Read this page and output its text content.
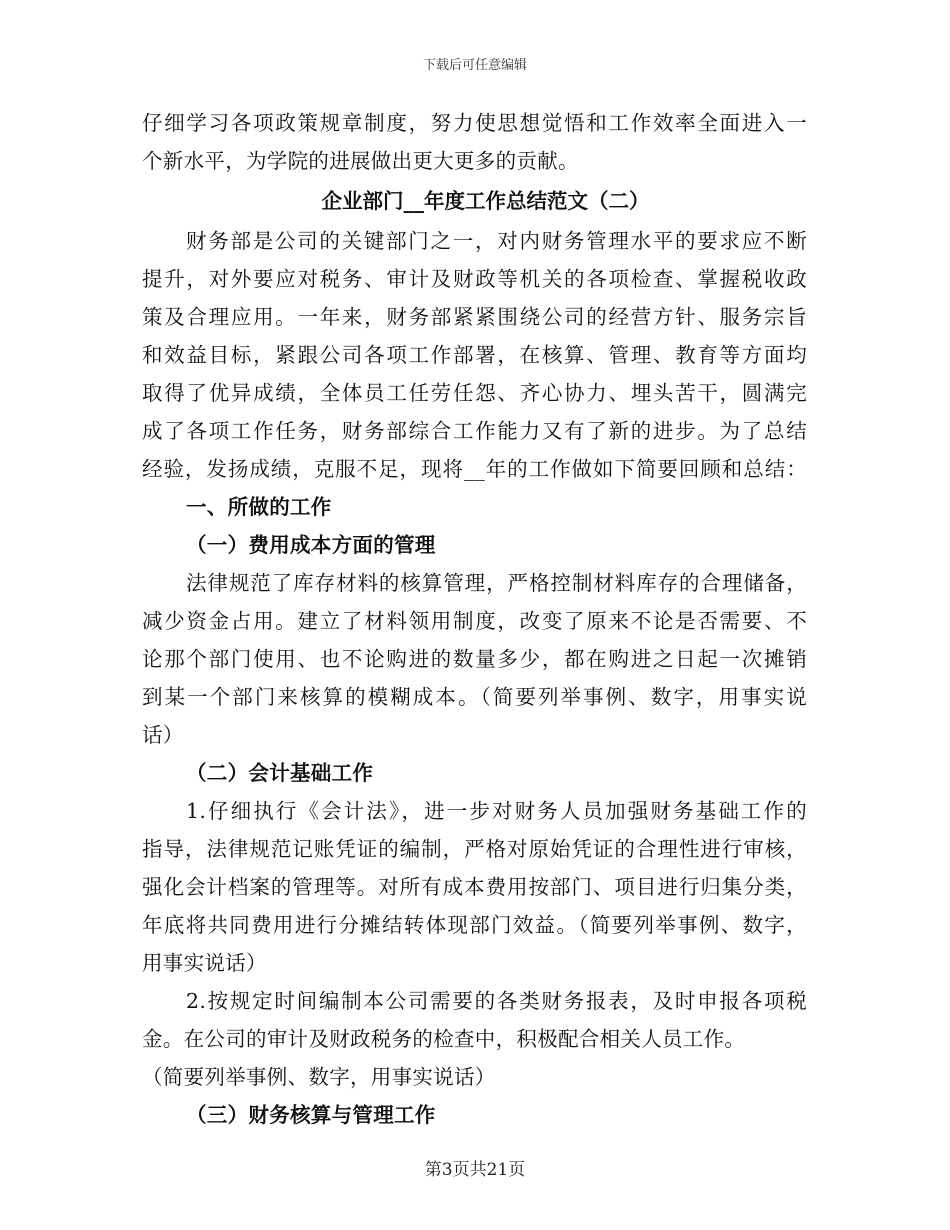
下载后可任意编辑
仔细学习各项政策规章制度，努力使思想觉悟和工作效率全面进入一
个新水平，为学院的进展做出更大更多的贡献。
企业部门__年度工作总结范文（二）
财务部是公司的关键部门之一，对内财务管理水平的要求应不断
提升，对外要应对税务、审计及财政等机关的各项检查、掌握税收政
策及合理应用。一年来，财务部紧紧围绕公司的经营方针、服务宗旨
和效益目标，紧跟公司各项工作部署，在核算、管理、教育等方面均
取得了优异成绩，全体员工任劳任怨、齐心协力、埋头苦干，圆满完
成了各项工作任务，财务部综合工作能力又有了新的进步。为了总结
经验，发扬成绩，克服不足，现将__年的工作做如下简要回顾和总结：
一、所做的工作
（一）费用成本方面的管理
法律规范了库存材料的核算管理，严格控制材料库存的合理储备，
减少资金占用。建立了材料领用制度，改变了原来不论是否需要、不
论那个部门使用、也不论购进的数量多少，都在购进之日起一次摊销
到某一个部门来核算的模糊成本。（简要列举事例、数字，用事实说
话）
（二）会计基础工作
1.仔细执行《会计法》，进一步对财务人员加强财务基础工作的
指导，法律规范记账凭证的编制，严格对原始凭证的合理性进行审核，
强化会计档案的管理等。对所有成本费用按部门、项目进行归集分类，
年底将共同费用进行分摊结转体现部门效益。（简要列举事例、数字，
用事实说话）
2.按规定时间编制本公司需要的各类财务报表，及时申报各项税
金。在公司的审计及财政税务的检查中，积极配合相关人员工作。
（简要列举事例、数字，用事实说话）
（三）财务核算与管理工作
第3页共21页
